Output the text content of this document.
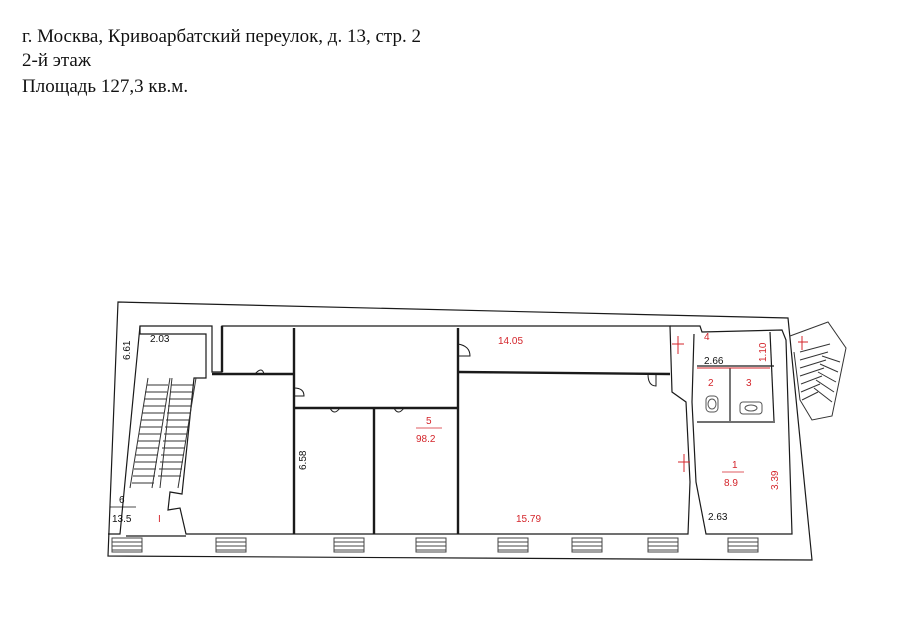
г. Москва, Кривоарбатский переулок, д. 13, стр. 2
2-й этаж
Площадь 127,3 кв.м.
6.61
2.03
6
13.5	I
6.58
5
98.2
14.05
15.79
4
2.66	1.10
2	3
1
8.9	3.39
2.63
